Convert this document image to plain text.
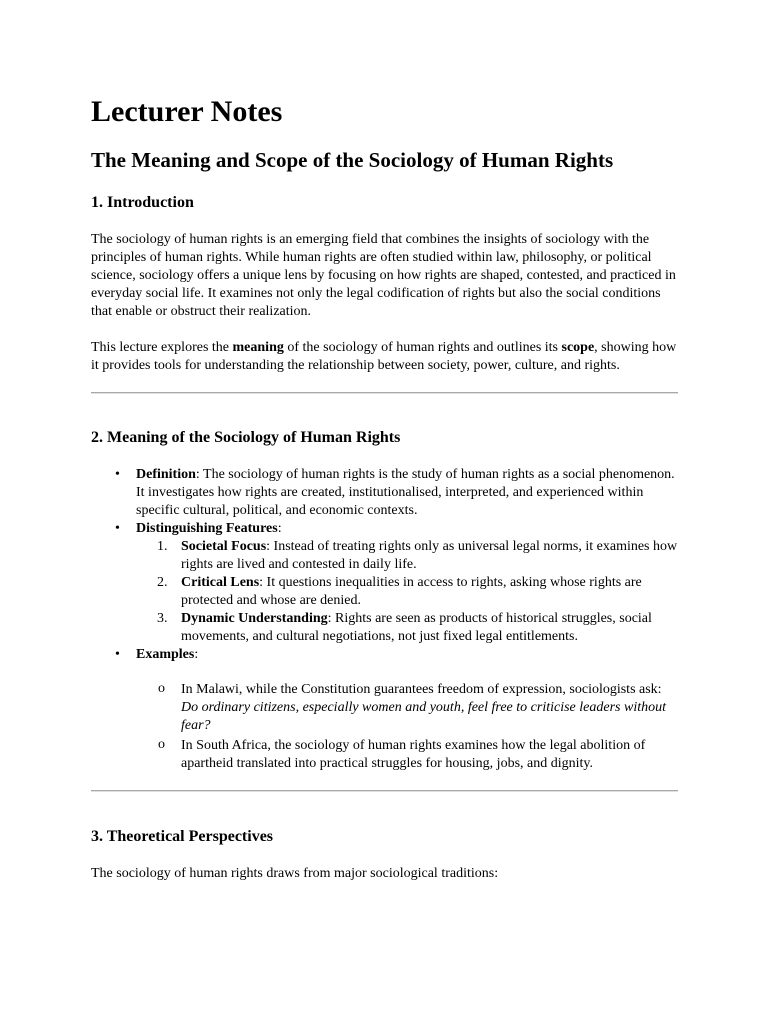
Lecturer Notes
The Meaning and Scope of the Sociology of Human Rights
1. Introduction

The sociology of human rights is an emerging field that combines the insights of sociology with the principles of human rights. While human rights are often studied within law, philosophy, or political science, sociology offers a unique lens by focusing on how rights are shaped, contested, and practiced in everyday social life. It examines not only the legal codification of rights but also the social conditions that enable or obstruct their realization.

This lecture explores the meaning of the sociology of human rights and outlines its scope, showing how it provides tools for understanding the relationship between society, power, culture, and rights.

2. Meaning of the Sociology of Human Rights
• Definition: The sociology of human rights is the study of human rights as a social phenomenon. It investigates how rights are created, institutionalised, interpreted, and experienced within specific cultural, political, and economic contexts.
• Distinguishing Features:
1. Societal Focus: Instead of treating rights only as universal legal norms, it examines how rights are lived and contested in daily life.
2. Critical Lens: It questions inequalities in access to rights, asking whose rights are protected and whose are denied.
3. Dynamic Understanding: Rights are seen as products of historical struggles, social movements, and cultural negotiations, not just fixed legal entitlements.
• Examples:
o In Malawi, while the Constitution guarantees freedom of expression, sociologists ask: Do ordinary citizens, especially women and youth, feel free to criticise leaders without fear?
o In South Africa, the sociology of human rights examines how the legal abolition of apartheid translated into practical struggles for housing, jobs, and dignity.
3. Theoretical Perspectives

The sociology of human rights draws from major sociological traditions:
